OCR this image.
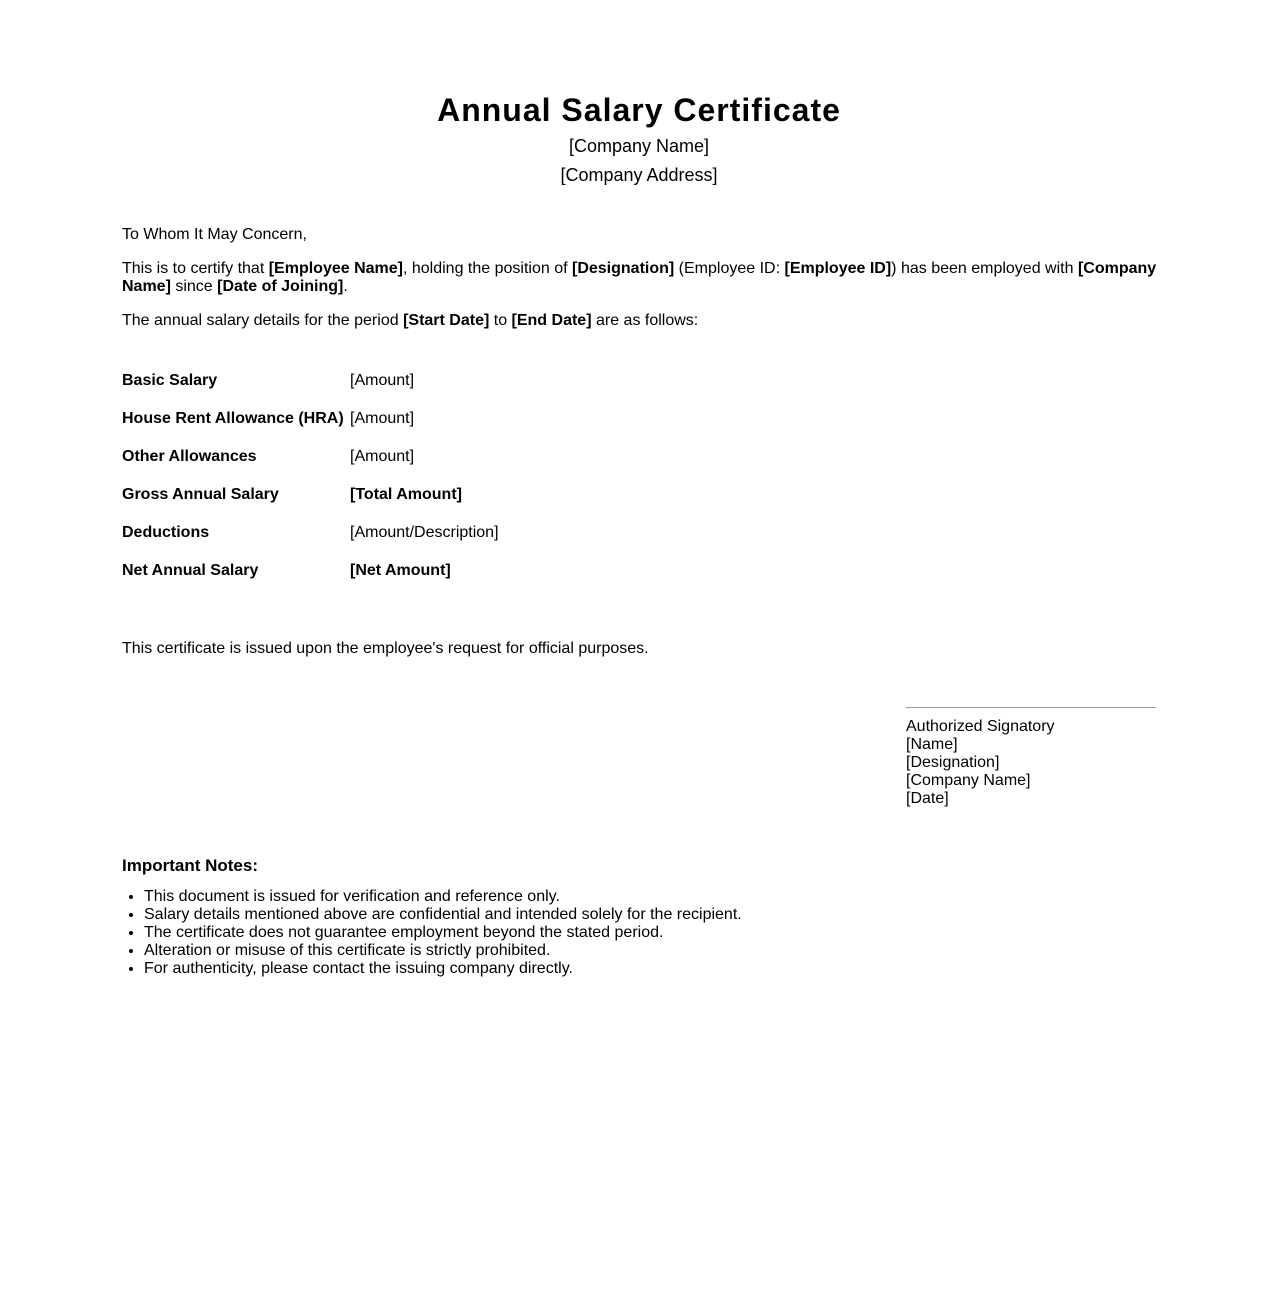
Annual Salary Certificate
[Company Name]
[Company Address]

To Whom It May Concern,

This is to certify that [Employee Name], holding the position of [Designation] (Employee ID: [Employee ID]) has been employed with [Company Name] since [Date of Joining].

The annual salary details for the period [Start Date] to [End Date] are as follows:

Basic Salary	[Amount]
House Rent Allowance (HRA)	[Amount]
Other Allowances	[Amount]
Gross Annual Salary	[Total Amount]
Deductions	[Amount/Description]
Net Annual Salary	[Net Amount]

This certificate is issued upon the employee's request for official purposes.

Authorized Signatory
[Name]
[Designation]
[Company Name]
[Date]
Important Notes:
• This document is issued for verification and reference only.
• Salary details mentioned above are confidential and intended solely for the recipient.
• The certificate does not guarantee employment beyond the stated period.
• Alteration or misuse of this certificate is strictly prohibited.
• For authenticity, please contact the issuing company directly.
